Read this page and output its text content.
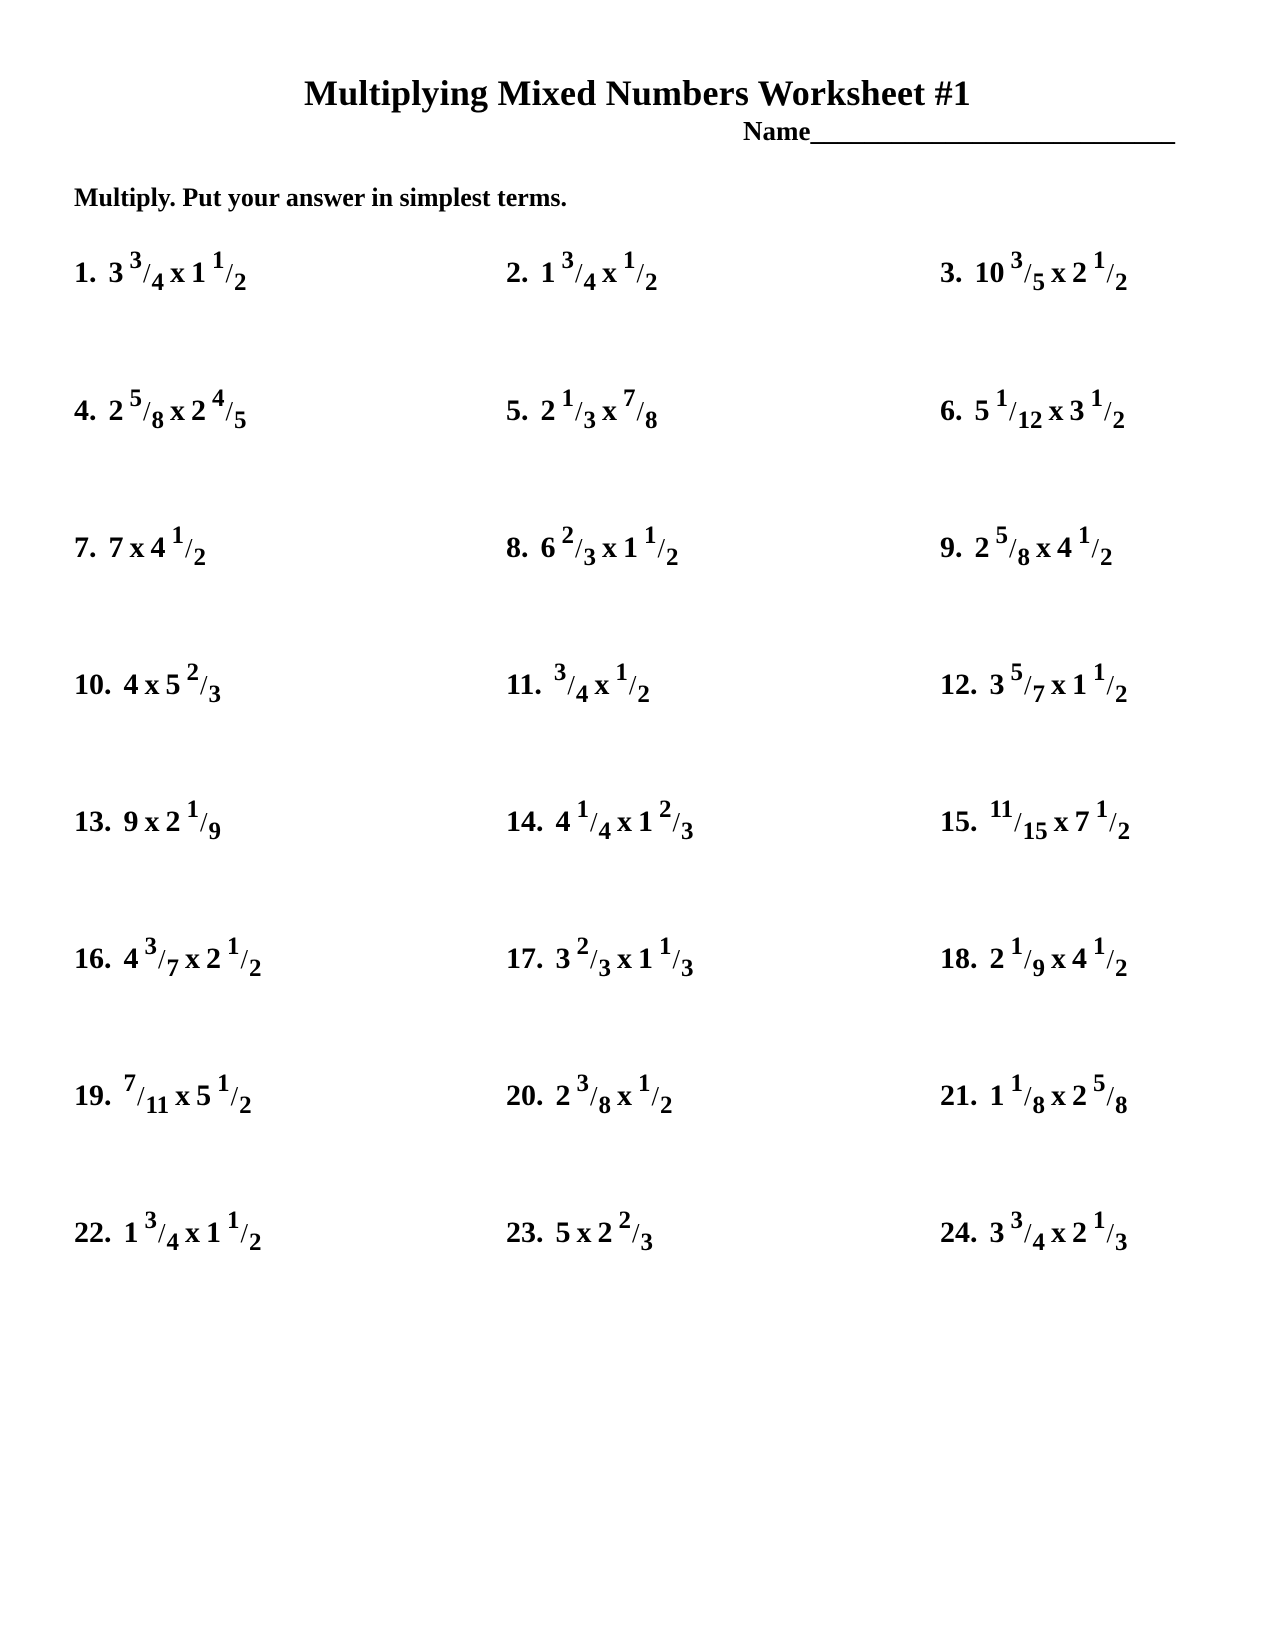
Multiplying Mixed Numbers Worksheet #1
Name___________________________
Multiply. Put your answer in simplest terms.
1. 3 $^3/_4$ x 1 $^1/_2$	2. 1 $^3/_4$ x $^1/_2$	3. 10 $^3/_5$ x 2 $^1/_2$
4. 2 $^5/_8$ x 2 $^4/_5$	5. 2 $^1/_3$ x $^7/_8$	6. 5 $^1/_{12}$ x 3 $^1/_2$
7. 7 x 4 $^1/_2$	8. 6 $^2/_3$ x 1 $^1/_2$	9. 2 $^5/_8$ x 4 $^1/_2$
10. 4 x 5 $^2/_3$	11. $^3/_4$ x $^1/_2$	12. 3 $^5/_7$ x 1 $^1/_2$
13. 9 x 2 $^1/_9$	14. 4 $^1/_4$ x 1 $^2/_3$	15. $^{11}/_{15}$ x 7 $^1/_2$
16. 4 $^3/_7$ x 2 $^1/_2$	17. 3 $^2/_3$ x 1 $^1/_3$	18. 2 $^1/_9$ x 4 $^1/_2$
19. $^7/_{11}$ x 5 $^1/_2$	20. 2 $^3/_8$ x $^1/_2$	21. 1 $^1/_8$ x 2 $^5/_8$
22. 1 $^3/_4$ x 1 $^1/_2$	23. 5 x 2 $^2/_3$	24. 3 $^3/_4$ x 2 $^1/_3$
